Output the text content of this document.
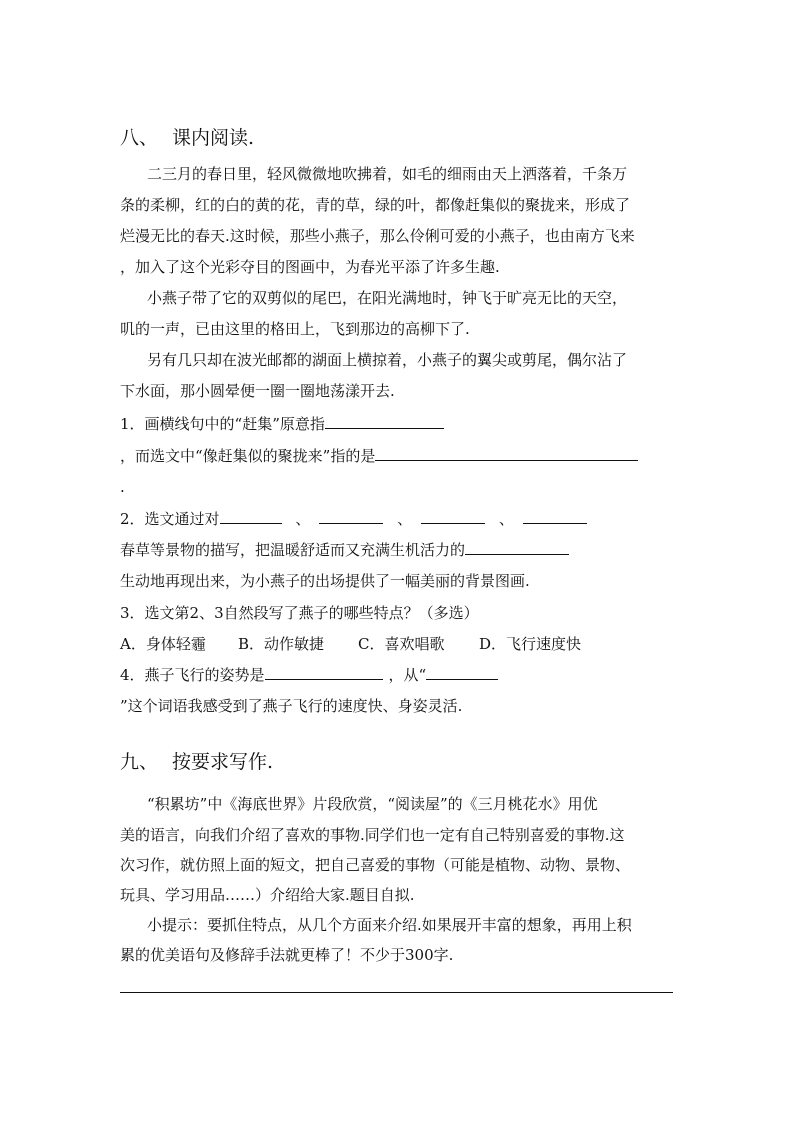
八、 课内阅读.
二三月的春日里，轻风微微地吹拂着，如毛的细雨由天上洒落着，千条万
条的柔柳，红的白的黄的花，青的草，绿的叶，都像赶集似的聚拢来，形成了
烂漫无比的春天.这时候，那些小燕子，那么伶俐可爱的小燕子，也由南方飞来
，加入了这个光彩夺目的图画中，为春光平添了许多生趣.
小燕子带了它的双剪似的尾巴，在阳光满地时，钟飞于旷亮无比的天空，
叽的一声，已由这里的格田上，飞到那边的高柳下了.
另有几只却在波光邮都的湖面上横掠着，小燕子的翼尖或剪尾，偶尔沾了
下水面，那小圆晕便一圈一圈地荡漾开去.
1．画横线句中的“赶集”原意指
，而选文中“像赶集似的聚拢来”指的是
.
2．选文通过对	、	、	、
春草等景物的描写，把温暖舒适而又充满生机活力的
生动地再现出来，为小燕子的出场提供了一幅美丽的背景图画.
3．选文第2、3自然段写了燕子的哪些特点？（多选）
A．身体轻霾 B．动作敏捷 C．喜欢唱歌 D．飞行速度快
4．燕子飞行的姿势是	，从“
”这个词语我感受到了燕子飞行的速度快、身姿灵活.
九、 按要求写作.
“积累坊”中《海底世界》片段欣赏，“阅读屋”的《三月桃花水》用优
美的语言，向我们介绍了喜欢的事物.同学们也一定有自己特别喜爱的事物.这
次习作，就仿照上面的短文，把自己喜爱的事物（可能是植物、动物、景物、
玩具、学习用品……）介绍给大家.题目自拟.
小提示：要抓住特点，从几个方面来介绍.如果展开丰富的想象，再用上积
累的优美语句及修辞手法就更棒了！不少于300字.
